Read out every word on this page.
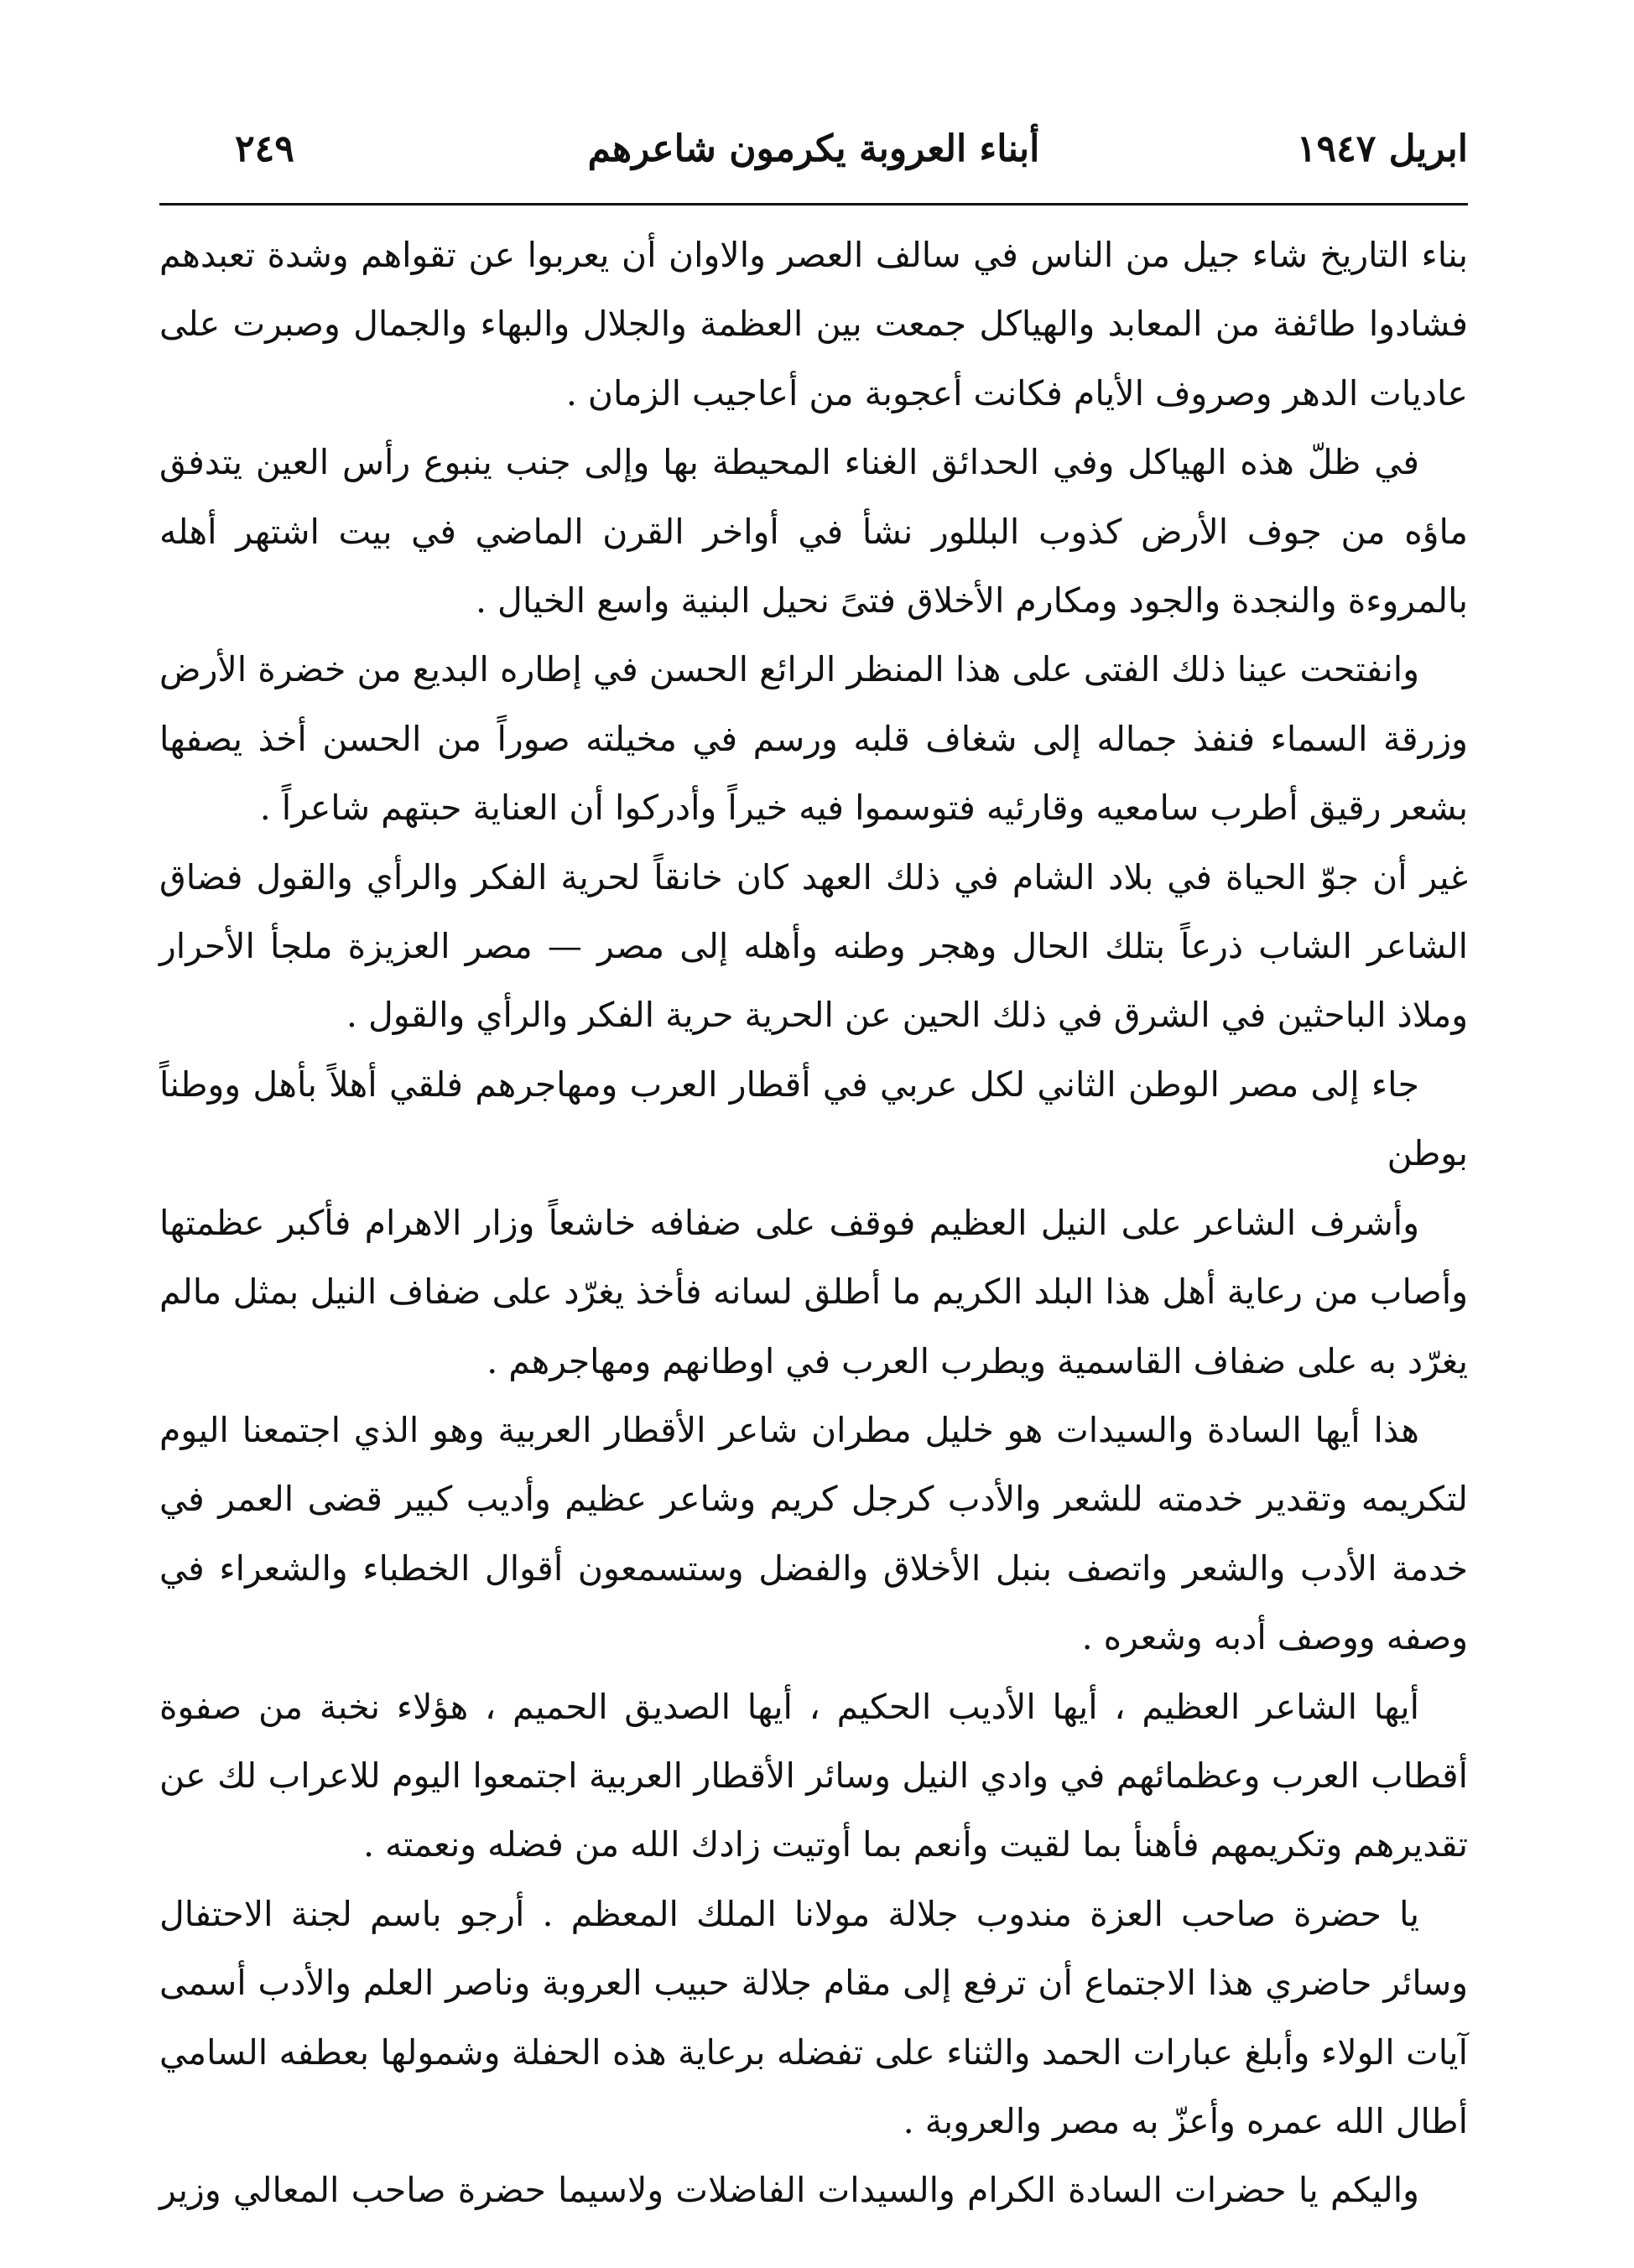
ابريل ١٩٤٧
أبناء العروبة يكرمون شاعرهم
٢٤٩

بناء التاريخ شاء جيل من الناس في سالف العصر والاوان أن يعربوا عن تقواهم وشدة تعبدهم فشادوا طائفة من المعابد والهياكل جمعت بين العظمة والجلال والبهاء والجمال وصبرت على عاديات الدهر وصروف الأيام فكانت أعجوبة من أعاجيب الزمان .

في ظلّ هذه الهياكل وفي الحدائق الغناء المحيطة بها وإلى جنب ينبوع رأس العين يتدفق ماؤه من جوف الأرض كذوب البللور نشأ في أواخر القرن الماضي في بيت اشتهر أهله بالمروءة والنجدة والجود ومكارم الأخلاق فتىً نحيل البنية واسع الخيال .

وانفتحت عينا ذلك الفتى على هذا المنظر الرائع الحسن في إطاره البديع من خضرة الأرض وزرقة السماء فنفذ جماله إلى شغاف قلبه ورسم في مخيلته صوراً من الحسن أخذ يصفها بشعر رقيق أطرب سامعيه وقارئيه فتوسموا فيه خيراً وأدركوا أن العناية حبتهم شاعراً .

غير أن جوّ الحياة في بلاد الشام في ذلك العهد كان خانقاً لحرية الفكر والرأي والقول فضاق الشاعر الشاب ذرعاً بتلك الحال وهجر وطنه وأهله إلى مصر — مصر العزيزة ملجأ الأحرار وملاذ الباحثين في الشرق في ذلك الحين عن الحرية حرية الفكر والرأي والقول .

جاء إلى مصر الوطن الثاني لكل عربي في أقطار العرب ومهاجرهم فلقي أهلاً بأهل ووطناً بوطن

وأشرف الشاعر على النيل العظيم فوقف على ضفافه خاشعاً وزار الاهرام فأكبر عظمتها وأصاب من رعاية أهل هذا البلد الكريم ما أطلق لسانه فأخذ يغرّد على ضفاف النيل بمثل مالم يغرّد به على ضفاف القاسمية ويطرب العرب في اوطانهم ومهاجرهم .

هذا أيها السادة والسيدات هو خليل مطران شاعر الأقطار العربية وهو الذي اجتمعنا اليوم لتكريمه وتقدير خدمته للشعر والأدب كرجل كريم وشاعر عظيم وأديب كبير قضى العمر في خدمة الأدب والشعر واتصف بنبل الأخلاق والفضل وستسمعون أقوال الخطباء والشعراء في وصفه ووصف أدبه وشعره .

أيها الشاعر العظيم ، أيها الأديب الحكيم ، أيها الصديق الحميم ، هؤلاء نخبة من صفوة أقطاب العرب وعظمائهم في وادي النيل وسائر الأقطار العربية اجتمعوا اليوم للاعراب لك عن تقديرهم وتكريمهم فأهنأ بما لقيت وأنعم بما أوتيت زادك الله من فضله ونعمته .

يا حضرة صاحب العزة مندوب جلالة مولانا الملك المعظم . أرجو باسم لجنة الاحتفال وسائر حاضري هذا الاجتماع أن ترفع إلى مقام جلالة حبيب العروبة وناصر العلم والأدب أسمى آيات الولاء وأبلغ عبارات الحمد والثناء على تفضله برعاية هذه الحفلة وشمولها بعطفه السامي أطال الله عمره وأعزّ به مصر والعروبة .

واليكم يا حضرات السادة الكرام والسيدات الفاضلات ولاسيما حضرة صاحب المعالي وزير
